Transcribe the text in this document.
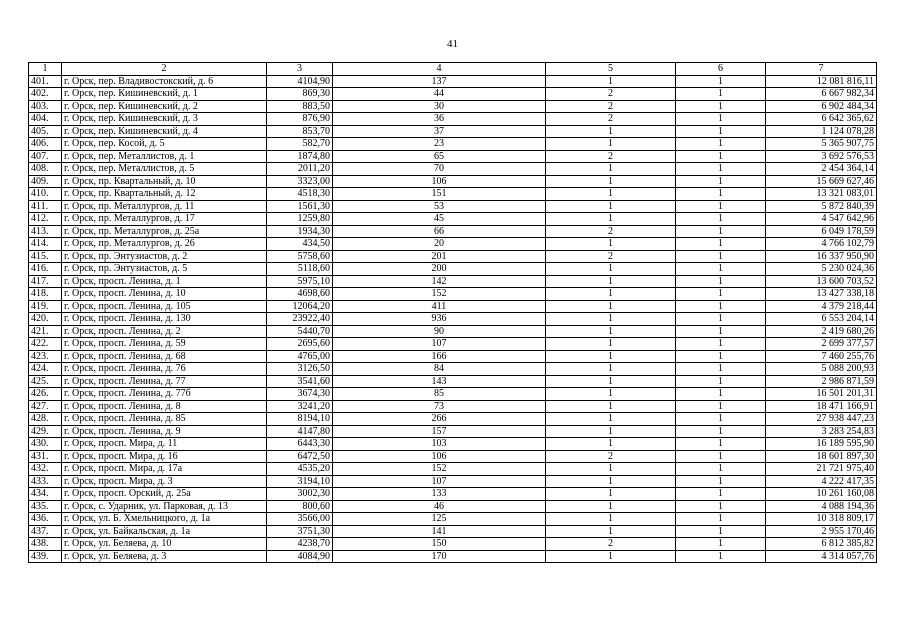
41
1	2	3	4	5	6	7
401.	г. Орск, пер. Владивостокский, д. 6	4104,90	137	1	1	12 081 816,11
402.	г. Орск, пер. Кишиневский, д. 1	869,30	44	2	1	6 667 982,34
403.	г. Орск, пер. Кишиневский, д. 2	883,50	30	2	1	6 902 484,34
404.	г. Орск, пер. Кишиневский, д. 3	876,90	36	2	1	6 642 365,62
405.	г. Орск, пер. Кишиневский, д. 4	853,70	37	1	1	1 124 078,28
406.	г. Орск, пер. Косой, д. 5	582,70	23	1	1	5 365 907,75
407.	г. Орск, пер. Металлистов, д. 1	1874,80	65	2	1	3 692 576,53
408.	г. Орск, пер. Металлистов, д. 5	2011,20	70	1	1	2 454 364,14
409.	г. Орск, пр. Квартальный, д. 10	3323,00	106	1	1	15 669 627,46
410.	г. Орск, пр. Квартальный, д. 12	4518,30	151	1	1	13 321 083,01
411.	г. Орск, пр. Металлургов, д. 11	1561,30	53	1	1	5 872 840,39
412.	г. Орск, пр. Металлургов, д. 17	1259,80	45	1	1	4 547 642,96
413.	г. Орск, пр. Металлургов, д. 25а	1934,30	66	2	1	6 049 178,59
414.	г. Орск, пр. Металлургов, д. 26	434,50	20	1	1	4 766 102,79
415.	г. Орск, пр. Энтузиастов, д. 2	5758,60	201	2	1	16 337 950,90
416.	г. Орск, пр. Энтузиастов, д. 5	5118,60	200	1	1	5 230 024,36
417.	г. Орск, просп. Ленина, д. 1	5975,10	142	1	1	13 600 703,52
418.	г. Орск, просп. Ленина, д. 10	4698,60	152	1	1	13 427 338,18
419.	г. Орск, просп. Ленина, д. 105	12064,20	411	1	1	4 379 218,44
420.	г. Орск, просп. Ленина, д. 130	23922,40	936	1	1	6 553 204,14
421.	г. Орск, просп. Ленина, д. 2	5440,70	90	1	1	2 419 680,26
422.	г. Орск, просп. Ленина, д. 59	2695,60	107	1	1	2 699 377,57
423.	г. Орск, просп. Ленина, д. 68	4765,00	166	1	1	7 460 255,76
424.	г. Орск, просп. Ленина, д. 76	3126,50	84	1	1	5 088 200,93
425.	г. Орск, просп. Ленина, д. 77	3541,60	143	1	1	2 986 871,59
426.	г. Орск, просп. Ленина, д. 77б	3674,30	85	1	1	16 501 201,31
427.	г. Орск, просп. Ленина, д. 8	3241,20	73	1	1	18 471 166,91
428.	г. Орск, просп. Ленина, д. 85	8194,10	266	1	1	27 938 447,23
429.	г. Орск, просп. Ленина, д. 9	4147,80	157	1	1	3 283 254,83
430.	г. Орск, просп. Мира, д. 11	6443,30	103	1	1	16 189 595,90
431.	г. Орск, просп. Мира, д. 16	6472,50	106	2	1	18 601 897,30
432.	г. Орск, просп. Мира, д. 17а	4535,20	152	1	1	21 721 975,40
433.	г. Орск, просп. Мира, д. 3	3194,10	107	1	1	4 222 417,35
434.	г. Орск, просп. Орский, д. 25а	3002,30	133	1	1	10 261 160,08
435.	г. Орск, с. Ударник, ул. Парковая, д. 13	800,60	46	1	1	4 088 194,36
436.	г. Орск, ул. Б. Хмельницкого, д. 1а	3566,00	125	1	1	10 318 809,17
437.	г. Орск, ул. Байкальская, д. 1а	3751,30	141	1	1	2 955 170,46
438.	г. Орск, ул. Беляева, д. 10	4238,70	150	2	1	6 812 385,82
439.	г. Орск, ул. Беляева, д. 3	4084,90	170	1	1	4 314 057,76
